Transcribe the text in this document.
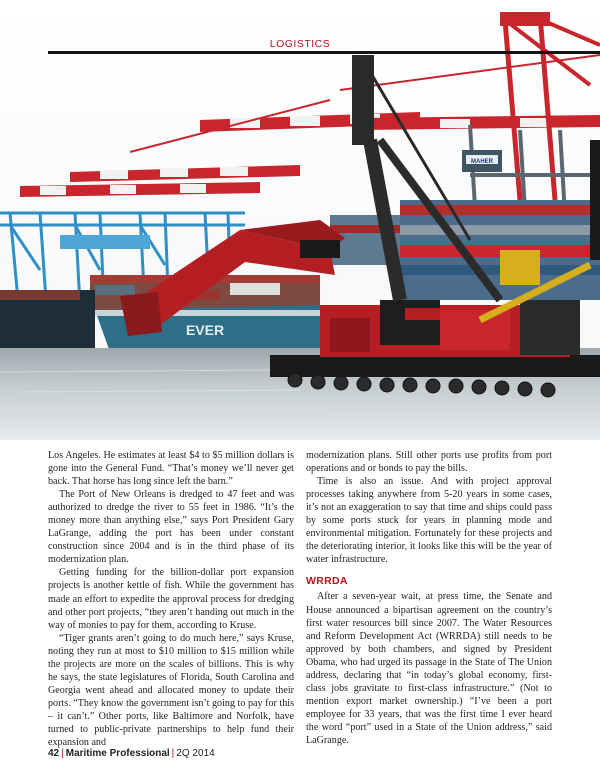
MAHER
EVER
LOGISTICS

Los Angeles. He estimates at least $4 to $5 million dollars is gone into the General Fund. “That’s money we’ll never get back. That horse has long since left the barn.”

The Port of New Orleans is dredged to 47 feet and was authorized to dredge the river to 55 feet in 1986. “It’s the money more than anything else,” says Port President Gary LaGrange, adding the port has been under constant construction since 2004 and is in the third phase of its modernization plan.

Getting funding for the billion-dollar port expansion projects is another kettle of fish. While the government has made an effort to expedite the approval process for dredging and other port projects, “they aren’t handing out much in the way of monies to pay for them, according to Kruse.

“Tiger grants aren’t going to do much here,” says Kruse, noting they run at most to $10 million to $15 million while the projects are more on the scales of billions. This is why he says, the state legislatures of Florida, South Carolina and Georgia went ahead and allocated money to update their ports. “They know the government isn’t going to pay for this – it can’t.” Other ports, like Baltimore and Norfolk, have turned to public-private partnerships to help fund their expansion and

modernization plans. Still other ports use profits from port operations and or bonds to pay the bills.

Time is also an issue. And with project approval processes taking anywhere from 5-20 years in some cases, it’s not an exaggeration to say that time and ships could pass by some ports stuck for years in planning mode and environmental mitigation. Fortunately for these projects and the deteriorating interior, it looks like this will be the year of water infrastructure.

WRRDA

After a seven-year wait, at press time, the Senate and House announced a bipartisan agreement on the country’s first water resources bill since 2007. The Water Resources and Reform Development Act (WRRDA) still needs to be approved by both chambers, and signed by President Obama, who had urged its passage in the State of The Union address, declaring that “in today’s global economy, first-class jobs gravitate to first-class infrastructure.” (Not to mention export market ownership.) “I’ve been a port employee for 33 years, that was the first time I ever heard the word “port” used in a State of the Union address,” said LaGrange.

42 | Maritime Professional | 2Q 2014
